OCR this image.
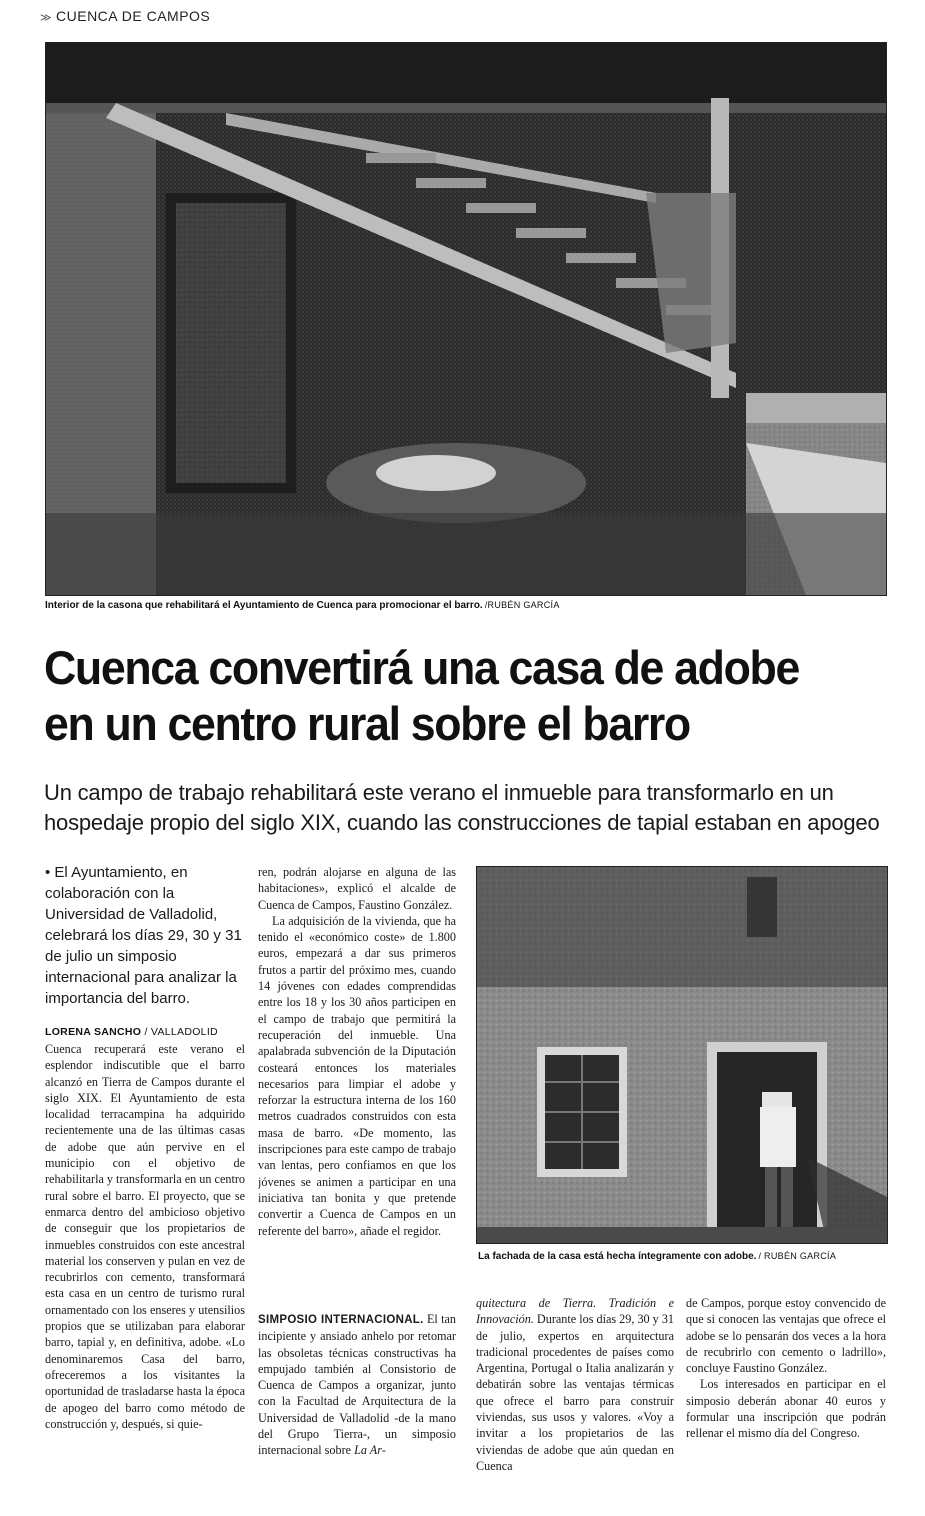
≫ CUENCA DE CAMPOS
Interior de la casona que rehabilitará el Ayuntamiento de Cuenca para promocionar el barro. /RUBÉN GARCÍA
Cuenca convertirá una casa de adobe
en un centro rural sobre el barro
Un campo de trabajo rehabilitará este verano el inmueble para transformarlo en un
hospedaje propio del siglo XIX, cuando las construcciones de tapial estaban en apogeo
• El Ayuntamiento, en colaboración con la Universidad de Valladolid, celebrará los días 29, 30 y 31 de julio un simposio internacional para analizar la importancia del barro.
LORENA SANCHO / VALLADOLID

Cuenca recuperará este verano el esplendor indiscutible que el barro alcanzó en Tierra de Campos durante el siglo XIX. El Ayuntamiento de esta localidad terracampina ha adquirido recientemente una de las últimas casas de adobe que aún pervive en el municipio con el objetivo de rehabilitarla y transformarla en un centro rural sobre el barro. El proyecto, que se enmarca dentro del ambicioso objetivo de conseguir que los propietarios de inmuebles construidos con este ancestral material los conserven y pulan en vez de recubrirlos con cemento, transformará esta casa en un centro de turismo rural ornamentado con los enseres y utensilios propios que se utilizaban para elaborar barro, tapial y, en definitiva, adobe. «Lo denominaremos Casa del barro, ofreceremos a los visitantes la oportunidad de trasladarse hasta la época de apogeo del barro como método de construcción y, después, si quie-

ren, podrán alojarse en alguna de las habitaciones», explicó el alcalde de Cuenca de Campos, Faustino González.

La adquisición de la vivienda, que ha tenido el «económico coste» de 1.800 euros, empezará a dar sus primeros frutos a partir del próximo mes, cuando 14 jóvenes con edades comprendidas entre los 18 y los 30 años participen en el campo de trabajo que permitirá la recuperación del inmueble. Una apalabrada subvención de la Diputación costeará entonces los materiales necesarios para limpiar el adobe y reforzar la estructura interna de los 160 metros cuadrados construidos con esta masa de barro. «De momento, las inscripciones para este campo de trabajo van lentas, pero confiamos en que los jóvenes se animen a participar en una iniciativa tan bonita y que pretende convertir a Cuenca de Campos en un referente del barro», añade el regidor.

SIMPOSIO INTERNACIONAL. El tan incipiente y ansiado anhelo por retomar las obsoletas técnicas constructivas ha empujado también al Consistorio de Cuenca de Campos a organizar, junto con la Facultad de Arquitectura de la Universidad de Valladolid -de la mano del Grupo Tierra-, un simposio internacional sobre La Ar-

La fachada de la casa está hecha íntegramente con adobe. / RUBÉN GARCÍA

quitectura de Tierra. Tradición e Innovación. Durante los días 29, 30 y 31 de julio, expertos en arquitectura tradicional procedentes de países como Argentina, Portugal o Italia analizarán y debatirán sobre las ventajas térmicas que ofrece el barro para construir viviendas, sus usos y valores. «Voy a invitar a los propietarios de las viviendas de adobe que aún quedan en Cuenca

de Campos, porque estoy convencido de que si conocen las ventajas que ofrece el adobe se lo pensarán dos veces a la hora de recubrirlo con cemento o ladrillo», concluye Faustino González.

Los interesados en participar en el simposio deberán abonar 40 euros y formular una inscripción que podrán rellenar el mismo día del Congreso.
